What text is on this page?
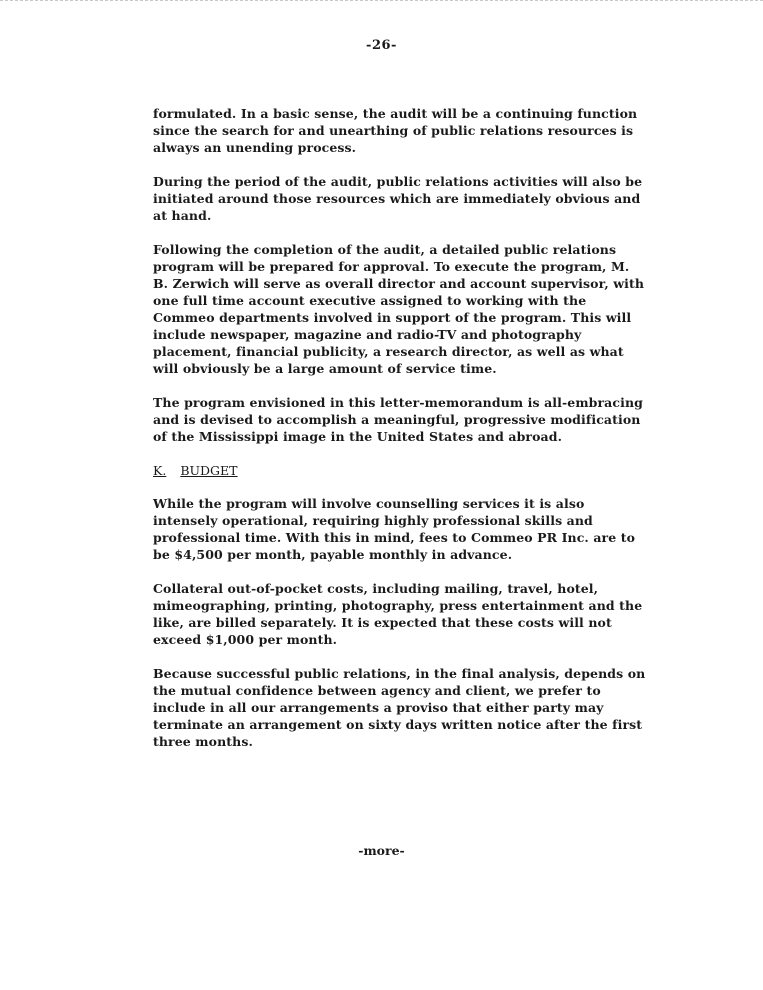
-26-

formulated. In a basic sense, the audit will be a continuing function since the search for and unearthing of public relations resources is always an unending process.

During the period of the audit, public relations activities will also be initiated around those resources which are immediately obvious and at hand.

Following the completion of the audit, a detailed public relations program will be prepared for approval. To execute the program, M. B. Zerwich will serve as overall director and account supervisor, with one full time account executive assigned to working with the Commeo departments involved in support of the program. This will include newspaper, magazine and radio-TV and photography placement, financial publicity, a research director, as well as what will obviously be a large amount of service time.

The program envisioned in this letter-memorandum is all-embracing and is devised to accomplish a meaningful, progressive modification of the Mississippi image in the United States and abroad.

K. BUDGET

While the program will involve counselling services it is also intensely operational, requiring highly professional skills and professional time. With this in mind, fees to Commeo PR Inc. are to be $4,500 per month, payable monthly in advance.

Collateral out-of-pocket costs, including mailing, travel, hotel, mimeographing, printing, photography, press entertainment and the like, are billed separately. It is expected that these costs will not exceed $1,000 per month.

Because successful public relations, in the final analysis, depends on the mutual confidence between agency and client, we prefer to include in all our arrangements a proviso that either party may terminate an arrangement on sixty days written notice after the first three months.

-more-
